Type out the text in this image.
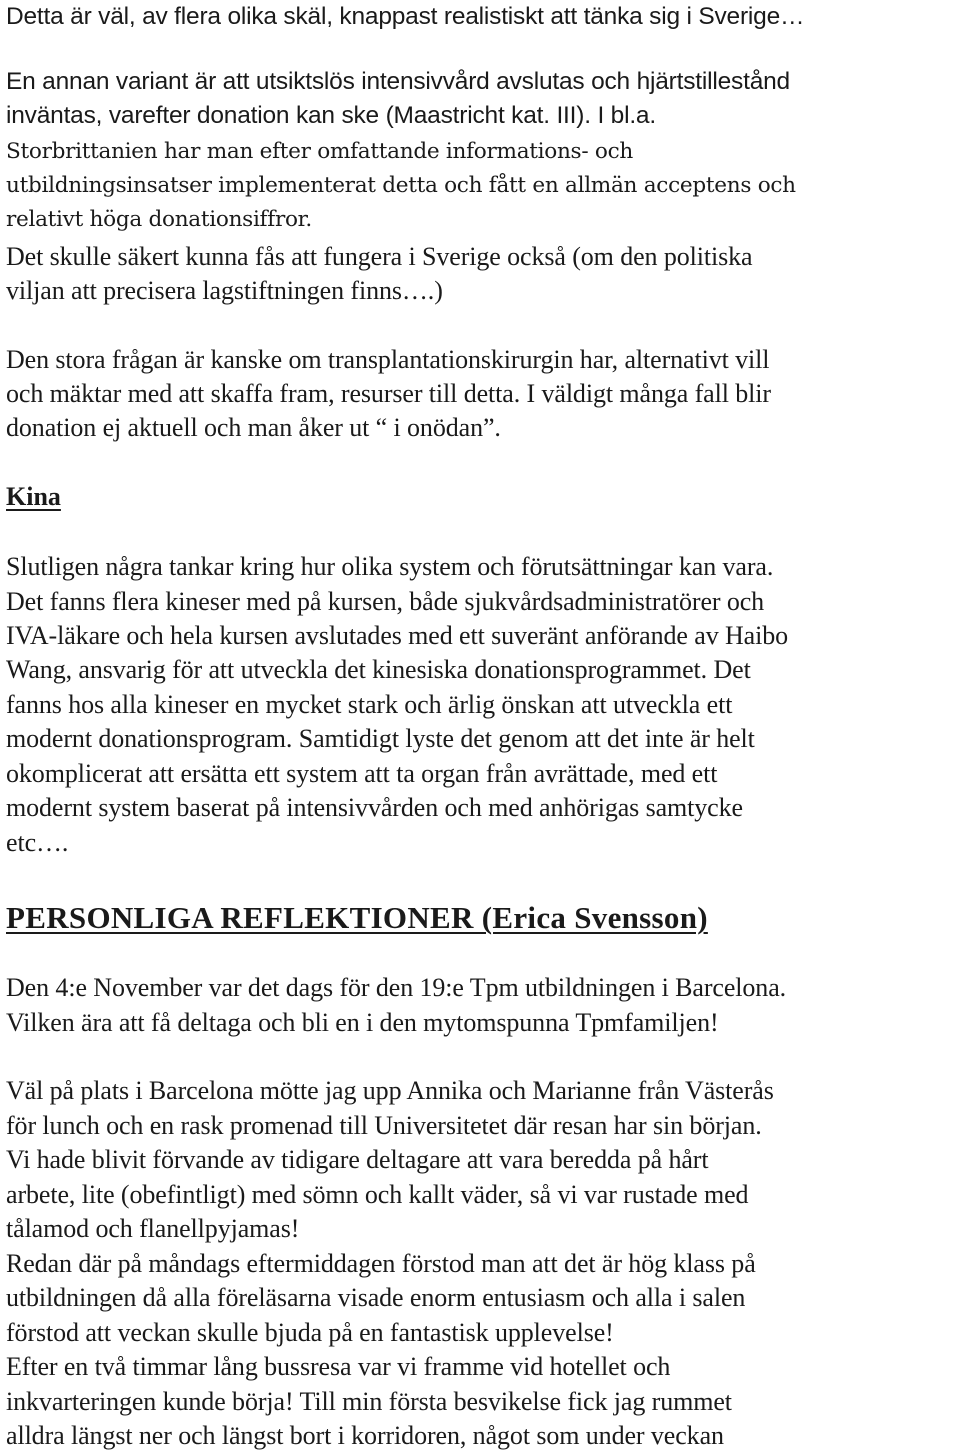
Detta är väl, av flera olika skäl, knappast realistiskt att tänka sig i Sverige…
En annan variant är att utsiktslös intensivvård avslutas och hjärtstillestånd
inväntas, varefter donation kan ske (Maastricht kat. III). I bl.a.
Storbrittanien har man efter omfattande informations- och
utbildningsinsatser implementerat detta och fått en allmän acceptens och
relativt höga donationsiffror.
Det skulle säkert kunna fås att fungera i Sverige också (om den politiska
viljan att precisera lagstiftningen finns….)
Den stora frågan är kanske om transplantationskirurgin har, alternativt vill
och mäktar med att skaffa fram, resurser till detta. I väldigt många fall blir
donation ej aktuell och man åker ut “ i onödan”.
Kina
Slutligen några tankar kring hur olika system och förutsättningar kan vara.
Det fanns flera kineser med på kursen, både sjukvårdsadministratörer och
IVA-läkare och hela kursen avslutades med ett suveränt anförande av Haibo
Wang, ansvarig för att utveckla det kinesiska donationsprogrammet. Det
fanns hos alla kineser en mycket stark och ärlig önskan att utveckla ett
modernt donationsprogram. Samtidigt lyste det genom att det inte är helt
okomplicerat att ersätta ett system att ta organ från avrättade, med ett
modernt system baserat på intensivvården och med anhörigas samtycke
etc….
PERSONLIGA REFLEKTIONER (Erica Svensson)
Den 4:e November var det dags för den 19:e Tpm utbildningen i Barcelona.
Vilken ära att få deltaga och bli en i den mytomspunna Tpmfamiljen!
Väl på plats i Barcelona mötte jag upp Annika och Marianne från Västerås
för lunch och en rask promenad till Universitetet där resan har sin början.
Vi hade blivit förvande av tidigare deltagare att vara beredda på hårt
arbete, lite (obefintligt) med sömn och kallt väder, så vi var rustade med
tålamod och flanellpyjamas!
Redan där på måndags eftermiddagen förstod man att det är hög klass på
utbildningen då alla föreläsarna visade enorm entusiasm och alla i salen
förstod att veckan skulle bjuda på en fantastisk upplevelse!
Efter en två timmar lång bussresa var vi framme vid hotellet och
inkvarteringen kunde börja! Till min första besvikelse fick jag rummet
alldra längst ner och längst bort i korridoren, något som under veckan
